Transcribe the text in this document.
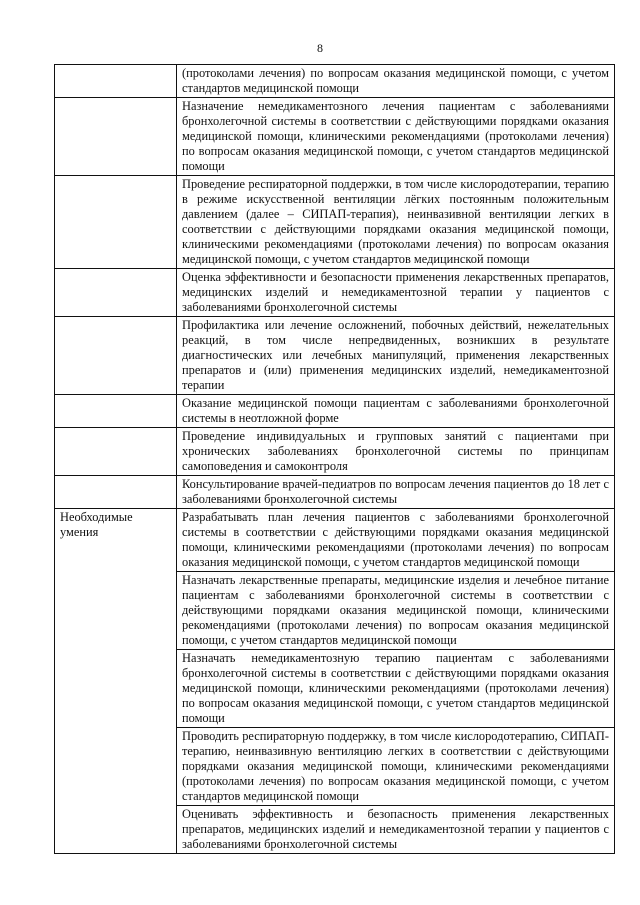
8
	(протоколами лечения) по вопросам оказания медицинской помощи, с учетом стандартов медицинской помощи
	Назначение немедикаментозного лечения пациентам с заболеваниями бронхолегочной системы в соответствии с действующими порядками оказания медицинской помощи, клиническими рекомендациями (протоколами лечения) по вопросам оказания медицинской помощи, с учетом стандартов медицинской помощи
	Проведение респираторной поддержки, в том числе кислородотерапии, терапию в режиме искусственной вентиляции лёгких постоянным положительным давлением (далее – СИПАП-терапия), неинвазивной вентиляции легких в соответствии с действующими порядками оказания медицинской помощи, клиническими рекомендациями (протоколами лечения) по вопросам оказания медицинской помощи, с учетом стандартов медицинской помощи
	Оценка эффективности и безопасности применения лекарственных препаратов, медицинских изделий и немедикаментозной терапии у пациентов с заболеваниями бронхолегочной системы
	Профилактика или лечение осложнений, побочных действий, нежелательных реакций, в том числе непредвиденных, возникших в результате диагностических или лечебных манипуляций, применения лекарственных препаратов и (или) применения медицинских изделий, немедикаментозной терапии
	Оказание медицинской помощи пациентам с заболеваниями бронхолегочной системы в неотложной форме
	Проведение индивидуальных и групповых занятий с пациентами при хронических заболеваниях бронхолегочной системы по принципам самоповедения и самоконтроля
	Консультирование врачей-педиатров по вопросам лечения пациентов до 18 лет с заболеваниями бронхолегочной системы
Необходимые умения	Разрабатывать план лечения пациентов с заболеваниями бронхолегочной системы в соответствии с действующими порядками оказания медицинской помощи, клиническими рекомендациями (протоколами лечения) по вопросам оказания медицинской помощи, с учетом стандартов медицинской помощи
	Назначать лекарственные препараты, медицинские изделия и лечебное питание пациентам с заболеваниями бронхолегочной системы в соответствии с действующими порядками оказания медицинской помощи, клиническими рекомендациями (протоколами лечения) по вопросам оказания медицинской помощи, с учетом стандартов медицинской помощи
	Назначать немедикаментозную терапию пациентам с заболеваниями бронхолегочной системы в соответствии с действующими порядками оказания медицинской помощи, клиническими рекомендациями (протоколами лечения) по вопросам оказания медицинской помощи, с учетом стандартов медицинской помощи
	Проводить респираторную поддержку, в том числе кислородотерапию, СИПАП-терапию, неинвазивную вентиляцию легких в соответствии с действующими порядками оказания медицинской помощи, клиническими рекомендациями (протоколами лечения) по вопросам оказания медицинской помощи, с учетом стандартов медицинской помощи
	Оценивать эффективность и безопасность применения лекарственных препаратов, медицинских изделий и немедикаментозной терапии у пациентов с заболеваниями бронхолегочной системы
